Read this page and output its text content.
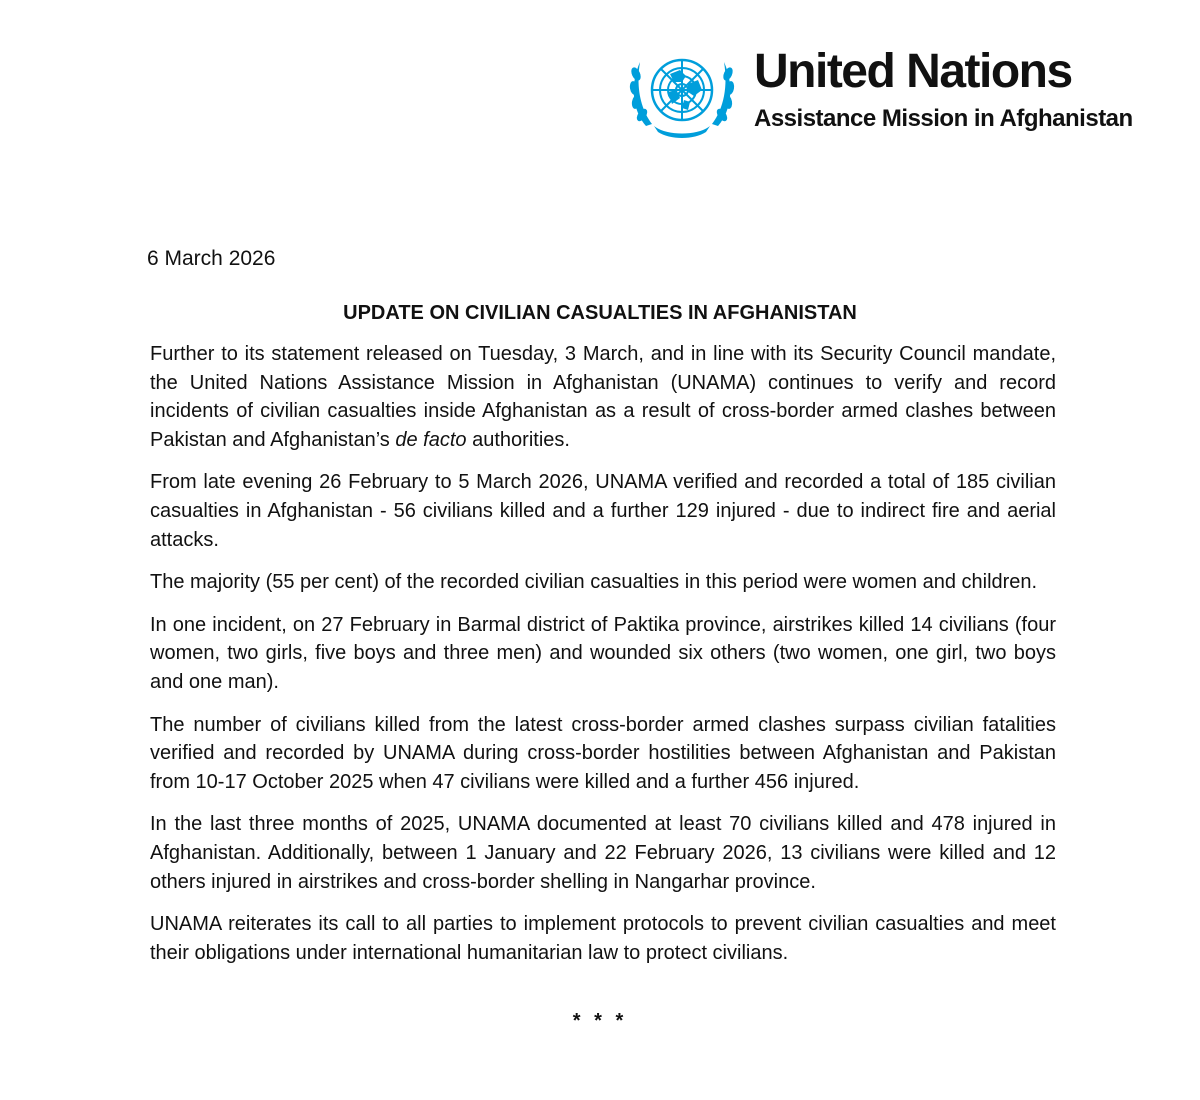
United Nations
Assistance Mission in Afghanistan
6 March 2026
UPDATE ON CIVILIAN CASUALTIES IN AFGHANISTAN

Further to its statement released on Tuesday, 3 March, and in line with its Security Council mandate, the United Nations Assistance Mission in Afghanistan (UNAMA) continues to verify and record incidents of civilian casualties inside Afghanistan as a result of cross-border armed clashes between Pakistan and Afghanistan’s de facto authorities.

From late evening 26 February to 5 March 2026, UNAMA verified and recorded a total of 185 civilian casualties in Afghanistan - 56 civilians killed and a further 129 injured - due to indirect fire and aerial attacks.

The majority (55 per cent) of the recorded civilian casualties in this period were women and children.

In one incident, on 27 February in Barmal district of Paktika province, airstrikes killed 14 civilians (four women, two girls, five boys and three men) and wounded six others (two women, one girl, two boys and one man).

The number of civilians killed from the latest cross-border armed clashes surpass civilian fatalities verified and recorded by UNAMA during cross-border hostilities between Afghanistan and Pakistan from 10-17 October 2025 when 47 civilians were killed and a further 456 injured.

In the last three months of 2025, UNAMA documented at least 70 civilians killed and 478 injured in Afghanistan. Additionally, between 1 January and 22 February 2026, 13 civilians were killed and 12 others injured in airstrikes and cross-border shelling in Nangarhar province.

UNAMA reiterates its call to all parties to implement protocols to prevent civilian casualties and meet their obligations under international humanitarian law to protect civilians.

* * *
